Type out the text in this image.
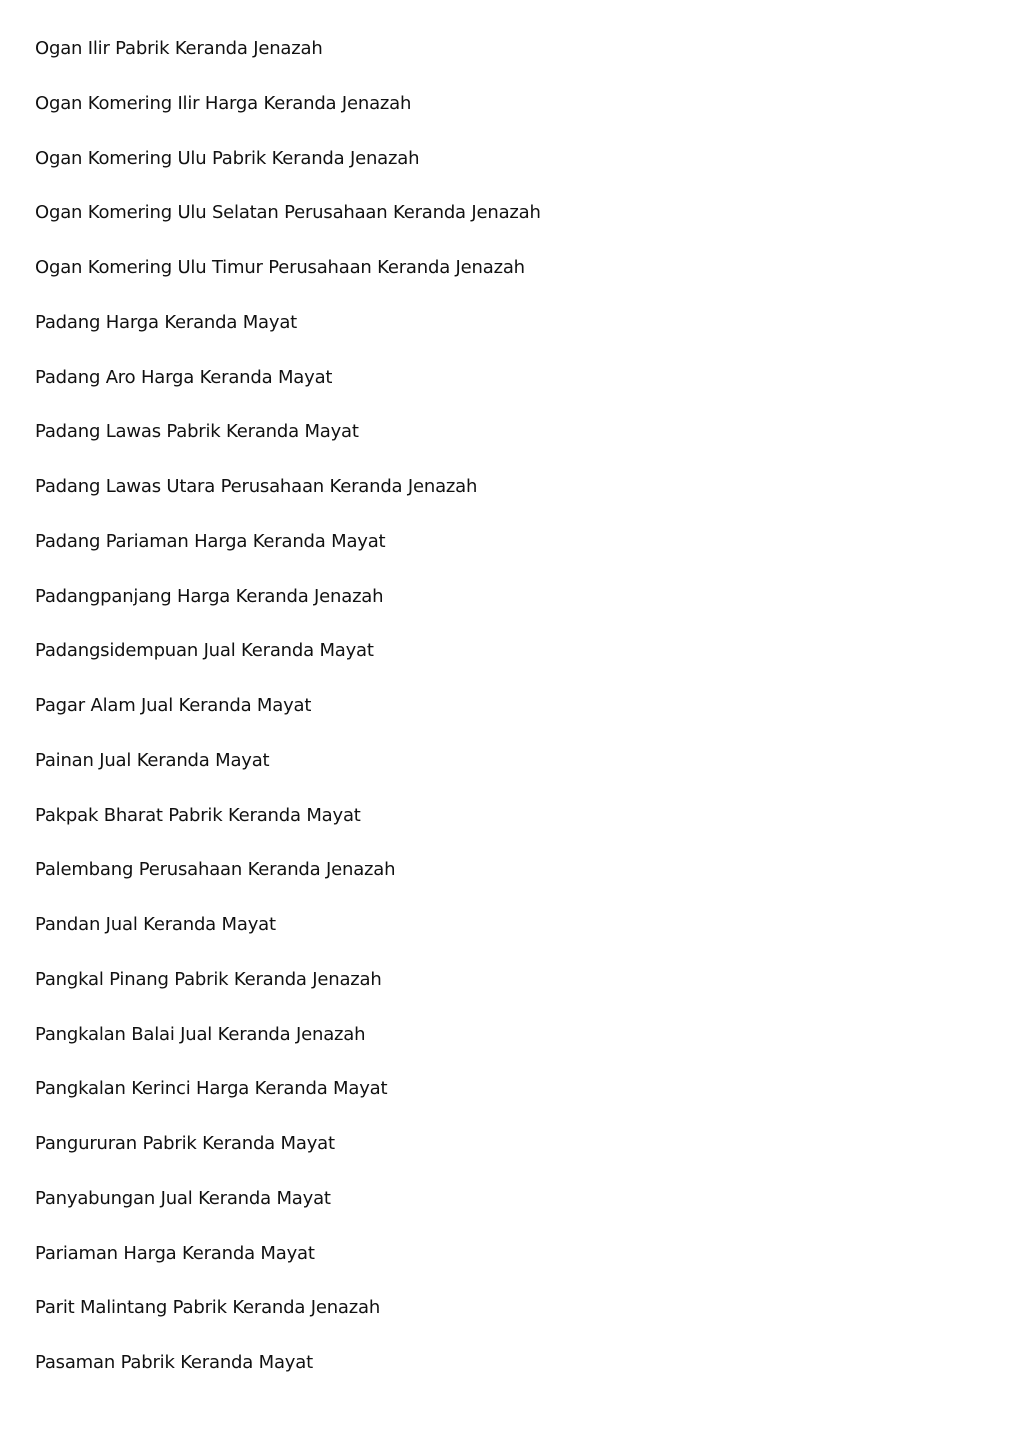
Ogan Ilir Pabrik Keranda Jenazah
Ogan Komering Ilir Harga Keranda Jenazah
Ogan Komering Ulu Pabrik Keranda Jenazah
Ogan Komering Ulu Selatan Perusahaan Keranda Jenazah
Ogan Komering Ulu Timur Perusahaan Keranda Jenazah
Padang Harga Keranda Mayat
Padang Aro Harga Keranda Mayat
Padang Lawas Pabrik Keranda Mayat
Padang Lawas Utara Perusahaan Keranda Jenazah
Padang Pariaman Harga Keranda Mayat
Padangpanjang Harga Keranda Jenazah
Padangsidempuan Jual Keranda Mayat
Pagar Alam Jual Keranda Mayat
Painan Jual Keranda Mayat
Pakpak Bharat Pabrik Keranda Mayat
Palembang Perusahaan Keranda Jenazah
Pandan Jual Keranda Mayat
Pangkal Pinang Pabrik Keranda Jenazah
Pangkalan Balai Jual Keranda Jenazah
Pangkalan Kerinci Harga Keranda Mayat
Pangururan Pabrik Keranda Mayat
Panyabungan Jual Keranda Mayat
Pariaman Harga Keranda Mayat
Parit Malintang Pabrik Keranda Jenazah
Pasaman Pabrik Keranda Mayat
